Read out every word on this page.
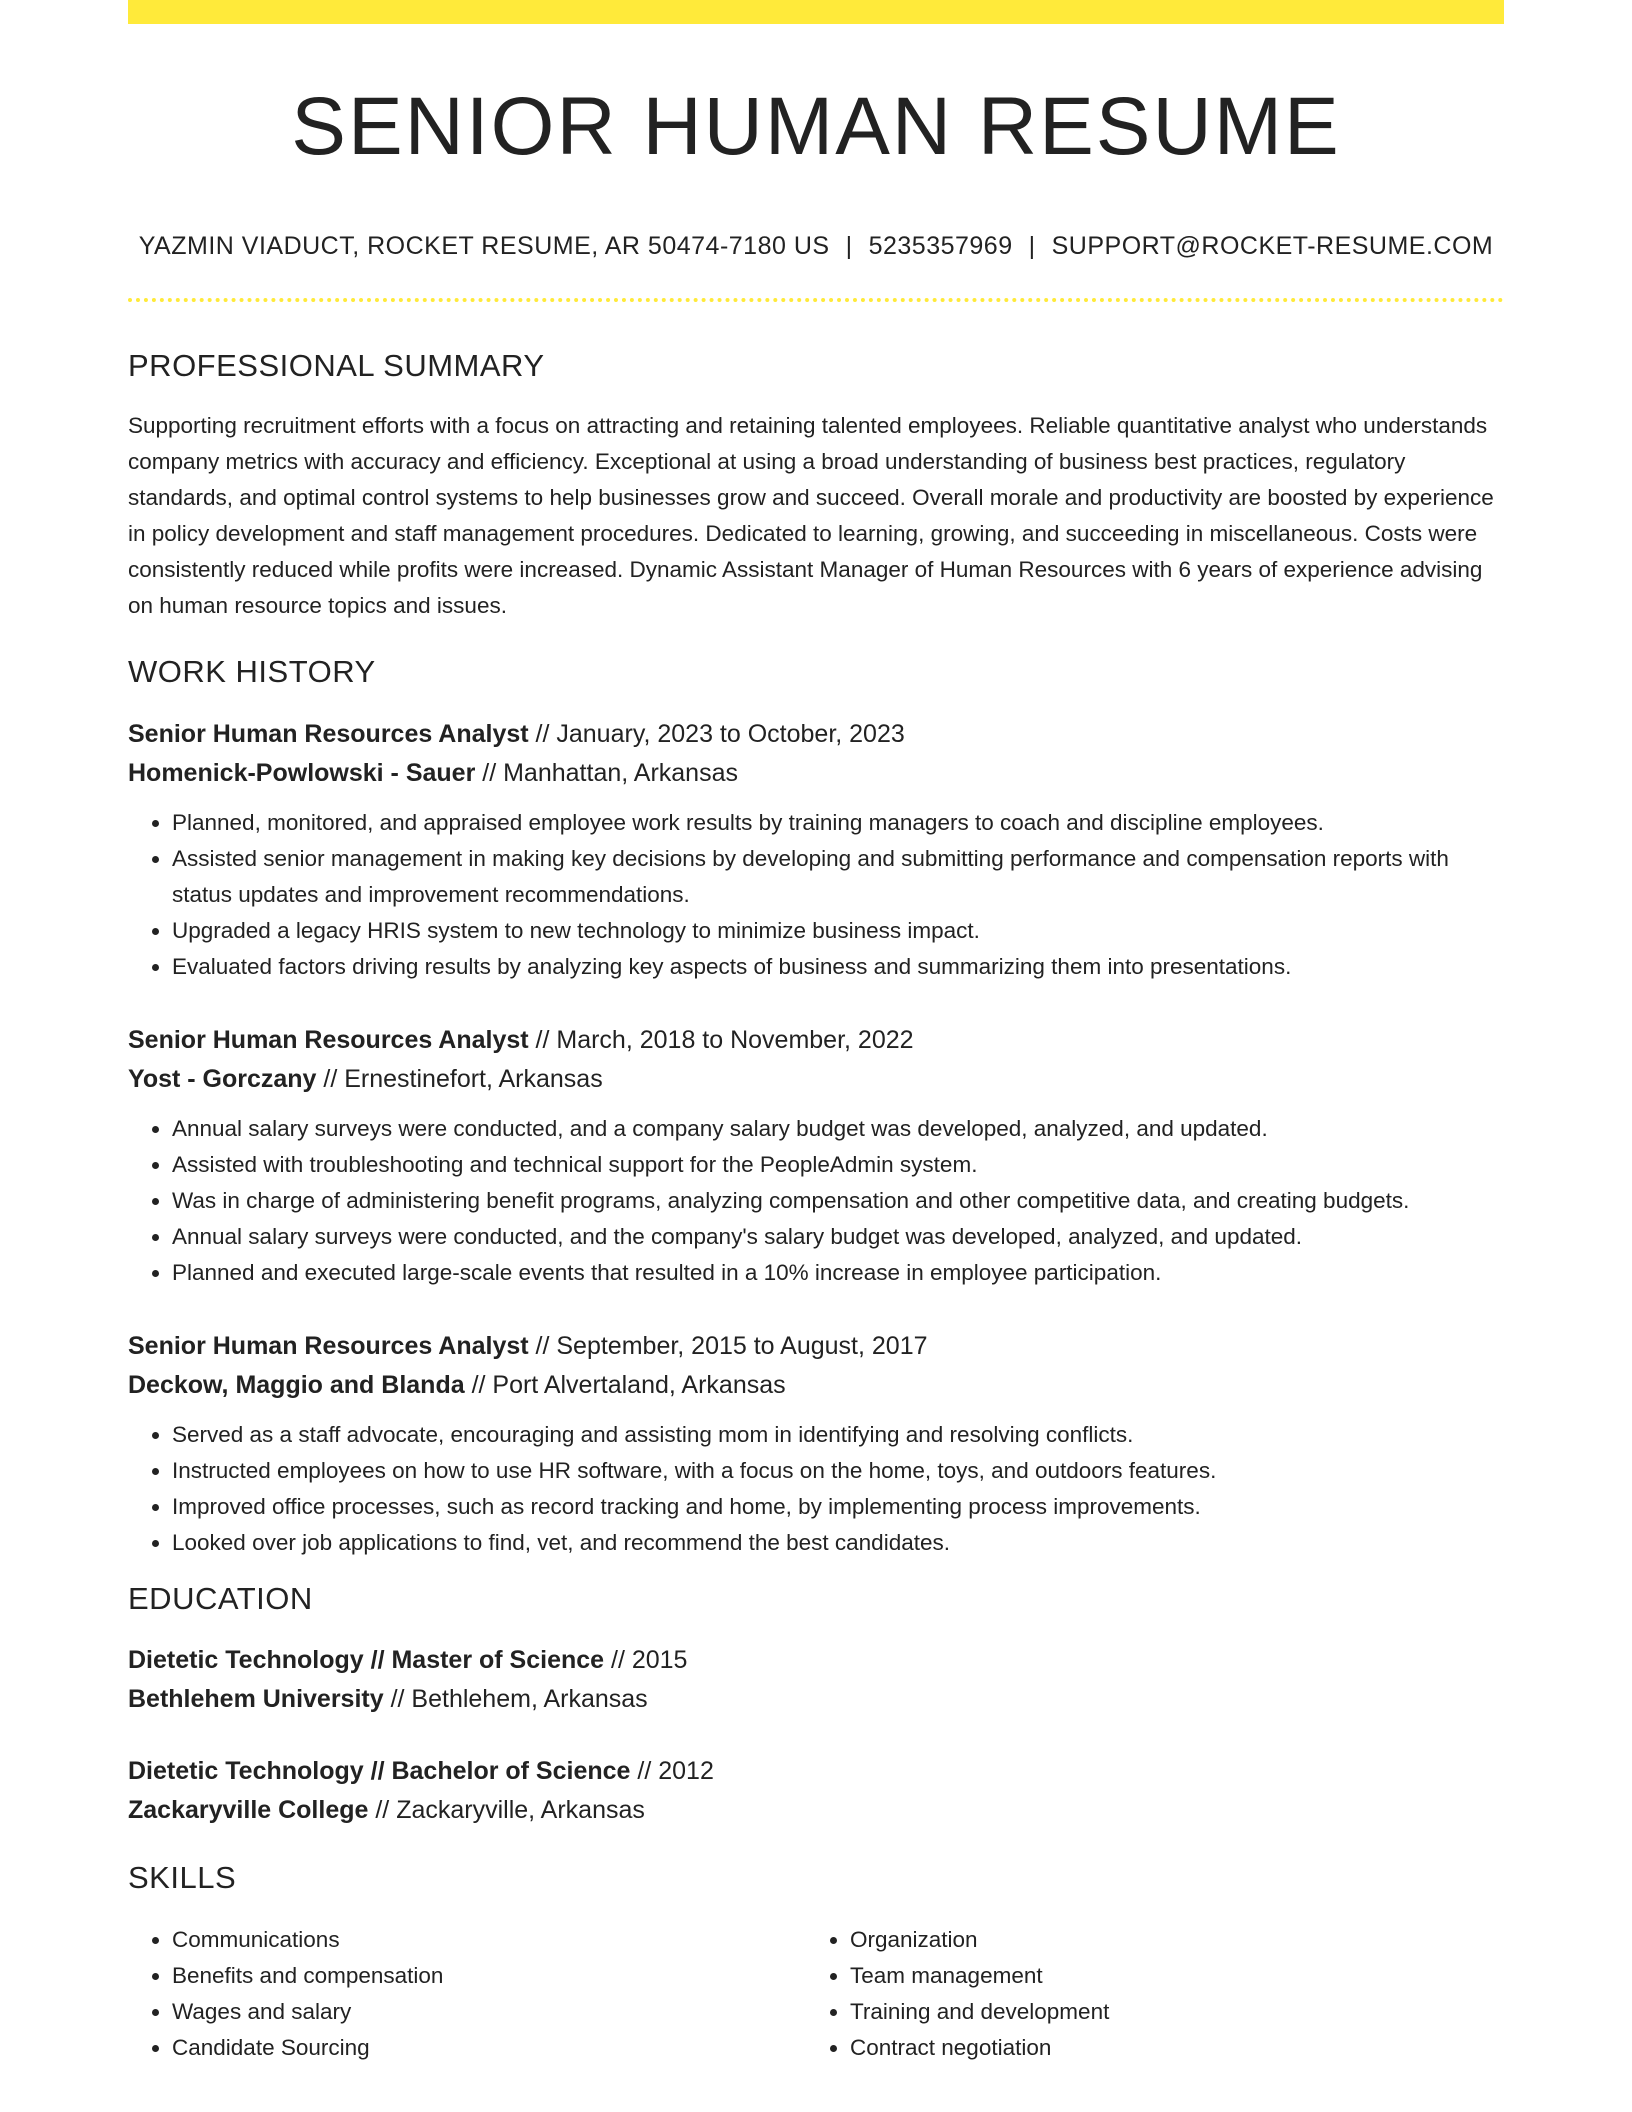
SENIOR HUMAN RESUME
YAZMIN VIADUCT, ROCKET RESUME, AR 50474-7180 US | 5235357969 | SUPPORT@ROCKET-RESUME.COM
PROFESSIONAL SUMMARY
Supporting recruitment efforts with a focus on attracting and retaining talented employees. Reliable quantitative analyst who understands company metrics with accuracy and efficiency. Exceptional at using a broad understanding of business best practices, regulatory standards, and optimal control systems to help businesses grow and succeed. Overall morale and productivity are boosted by experience in policy development and staff management procedures. Dedicated to learning, growing, and succeeding in miscellaneous. Costs were consistently reduced while profits were increased. Dynamic Assistant Manager of Human Resources with 6 years of experience advising on human resource topics and issues.
WORK HISTORY
Senior Human Resources Analyst // January, 2023 to October, 2023
Homenick-Powlowski - Sauer // Manhattan, Arkansas
• Planned, monitored, and appraised employee work results by training managers to coach and discipline employees.
• Assisted senior management in making key decisions by developing and submitting performance and compensation reports with status updates and improvement recommendations.
• Upgraded a legacy HRIS system to new technology to minimize business impact.
• Evaluated factors driving results by analyzing key aspects of business and summarizing them into presentations.
Senior Human Resources Analyst // March, 2018 to November, 2022
Yost - Gorczany // Ernestinefort, Arkansas
• Annual salary surveys were conducted, and a company salary budget was developed, analyzed, and updated.
• Assisted with troubleshooting and technical support for the PeopleAdmin system.
• Was in charge of administering benefit programs, analyzing compensation and other competitive data, and creating budgets.
• Annual salary surveys were conducted, and the company's salary budget was developed, analyzed, and updated.
• Planned and executed large-scale events that resulted in a 10% increase in employee participation.
Senior Human Resources Analyst // September, 2015 to August, 2017
Deckow, Maggio and Blanda // Port Alvertaland, Arkansas
• Served as a staff advocate, encouraging and assisting mom in identifying and resolving conflicts.
• Instructed employees on how to use HR software, with a focus on the home, toys, and outdoors features.
• Improved office processes, such as record tracking and home, by implementing process improvements.
• Looked over job applications to find, vet, and recommend the best candidates.
EDUCATION
Dietetic Technology // Master of Science // 2015
Bethlehem University // Bethlehem, Arkansas
Dietetic Technology // Bachelor of Science // 2012
Zackaryville College // Zackaryville, Arkansas
SKILLS
• Communications
• Benefits and compensation
• Wages and salary
• Candidate Sourcing
• Organization
• Team management
• Training and development
• Contract negotiation
